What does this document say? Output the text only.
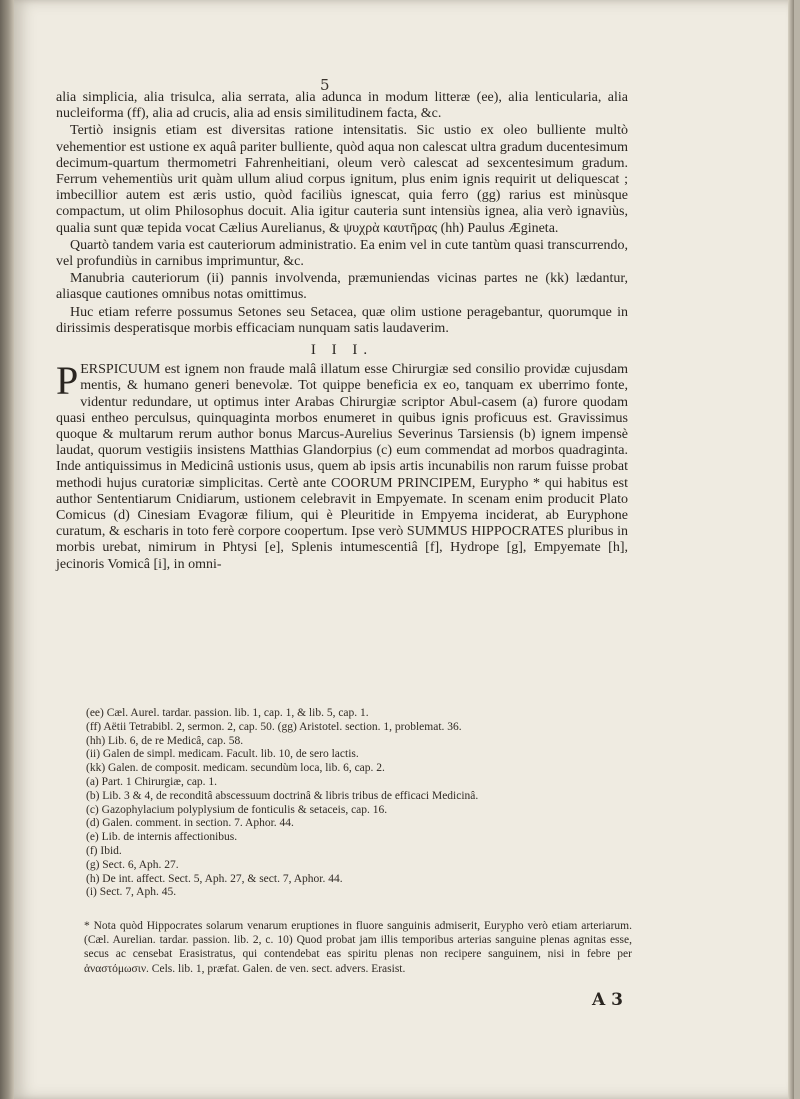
5

alia simplicia, alia trisulca, alia serrata, alia adunca in modum litteræ (ee), alia lenticularia, alia nucleiforma (ff), alia ad crucis, alia ad ensis similitudinem facta, &c.

Tertiò insignis etiam est diversitas ratione intensitatis. Sic ustio ex oleo bulliente multò vehementior est ustione ex aquâ pariter bulliente, quòd aqua non calescat ultra gradum ducentesimum decimum-quartum thermometri Fahrenheitiani, oleum verò calescat ad sexcentesimum gradum. Ferrum vehementiùs urit quàm ullum aliud corpus ignitum, plus enim ignis requirit ut deliquescat ; imbecillior autem est æris ustio, quòd faciliùs ignescat, quia ferro (gg) rarius est minùsque compactum, ut olim Philosophus docuit. Alia igitur cauteria sunt intensiùs ignea, alia verò ignaviùs, qualia sunt quæ tepida vocat Cælius Aurelianus, & ψυχρὰ καυτῆρας (hh) Paulus Ægineta.

Quartò tandem varia est cauteriorum administratio. Ea enim vel in cute tantùm quasi transcurrendo, vel profundiùs in carnibus imprimuntur, &c.

Manubria cauteriorum (ii) pannis involvenda, præmuniendas vicinas partes ne (kk) lædantur, aliasque cautiones omnibus notas omittimus.

Huc etiam referre possumus Setones seu Setacea, quæ olim ustione peragebantur, quorumque in dirissimis desperatisque morbis efficaciam nunquam satis laudaverim.

I I I.

PERSPICUUM est ignem non fraude malâ illatum esse Chirurgiæ sed consilio providæ cujusdam mentis, & humano generi benevolæ. Tot quippe beneficia ex eo, tanquam ex uberrimo fonte, videntur redundare, ut optimus inter Arabas Chirurgiæ scriptor Abul-casem (a) furore quodam quasi entheo perculsus, quinquaginta morbos enumeret in quibus ignis proficuus est. Gravissimus quoque & multarum rerum author bonus Marcus-Aurelius Severinus Tarsiensis (b) ignem impensè laudat, quorum vestigiis insistens Matthias Glandorpius (c) eum commendat ad morbos quadraginta. Inde antiquissimus in Medicinâ ustionis usus, quem ab ipsis artis incunabilis non rarum fuisse probat methodi hujus curatoriæ simplicitas. Certè ante COORUM PRINCIPEM, Eurypho * qui habitus est author Sententiarum Cnidiarum, ustionem celebravit in Empyemate. In scenam enim producit Plato Comicus (d) Cinesiam Evagoræ filium, qui è Pleuritide in Empyema inciderat, ab Euryphone curatum, & escharis in toto ferè corpore coopertum. Ipse verò SUMMUS HIPPOCRATES pluribus in morbis urebat, nimirum in Phtysi [e], Splenis intumescentiâ [f], Hydrope [g], Empyemate [h], jecinoris Vomicâ [i], in omni-

(ee) Cæl. Aurel. tardar. passion. lib. 1, cap. 1, & lib. 5, cap. 1.
(ff) Aëtii Tetrabibl. 2, sermon. 2, cap. 50. (gg) Aristotel. section. 1, problemat. 36.
(hh) Lib. 6, de re Medicâ, cap. 58.
(ii) Galen de simpl. medicam. Facult. lib. 10, de sero lactis.
(kk) Galen. de composit. medicam. secundùm loca, lib. 6, cap. 2.
(a) Part. 1 Chirurgiæ, cap. 1.
(b) Lib. 3 & 4, de reconditâ abscessuum doctrinâ & libris tribus de efficaci Medicinâ.
(c) Gazophylacium polyplysium de fonticulis & setaceis, cap. 16.
(d) Galen. comment. in section. 7. Aphor. 44.
(e) Lib. de internis affectionibus.
(f) Ibid.
(g) Sect. 6, Aph. 27.
(h) De int. affect. Sect. 5, Aph. 27, & sect. 7, Aphor. 44.
(i) Sect. 7, Aph. 45.
* Nota quòd Hippocrates solarum venarum eruptiones in fluore sanguinis admiserit, Eurypho verò etiam arteriarum. (Cæl. Aurelian. tardar. passion. lib. 2, c. 10) Quod probat jam illis temporibus arterias sanguine plenas agnitas esse, secus ac censebat Erasistratus, qui contendebat eas spiritu plenas non recipere sanguinem, nisi in febre per ἀναστόμωσιν. Cels. lib. 1, præfat. Galen. de ven. sect. advers. Erasist.
A 3
